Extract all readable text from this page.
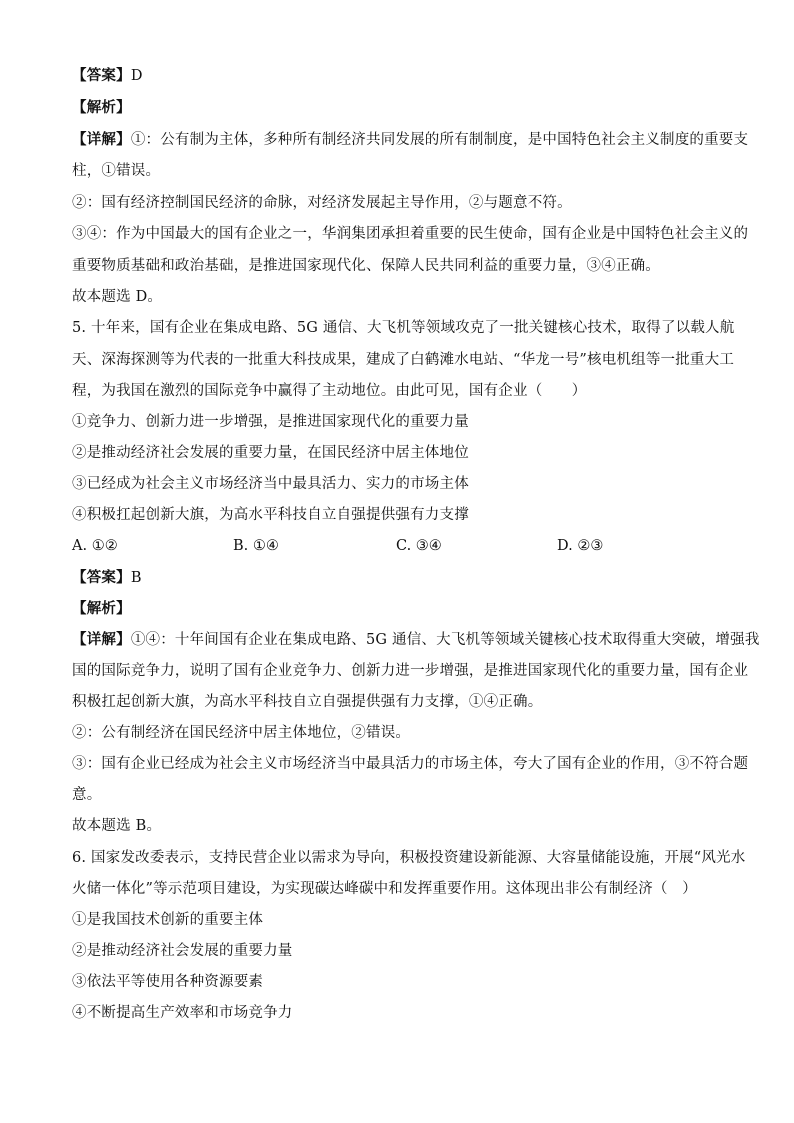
【答案】D
【解析】
【详解】①：公有制为主体，多种所有制经济共同发展的所有制制度，是中国特色社会主义制度的重要支
柱，①错误。
②：国有经济控制国民经济的命脉，对经济发展起主导作用，②与题意不符。
③④：作为中国最大的国有企业之一，华润集团承担着重要的民生使命，国有企业是中国特色社会主义的
重要物质基础和政治基础，是推进国家现代化、保障人民共同利益的重要力量，③④正确。
故本题选 D。
5. 十年来，国有企业在集成电路、5G 通信、大飞机等领域攻克了一批关键核心技术，取得了以载人航
天、深海探测等为代表的一批重大科技成果，建成了白鹤滩水电站、“华龙一号”核电机组等一批重大工
程，为我国在激烈的国际竞争中赢得了主动地位。由此可见，国有企业（　　）
①竞争力、创新力进一步增强，是推进国家现代化的重要力量
②是推动经济社会发展的重要力量，在国民经济中居主体地位
③已经成为社会主义市场经济当中最具活力、实力的市场主体
④积极扛起创新大旗，为高水平科技自立自强提供强有力支撑
A. ①②	B. ①④	C. ③④	D. ②③
【答案】B
【解析】
【详解】①④：十年间国有企业在集成电路、5G 通信、大飞机等领域关键核心技术取得重大突破，增强我
国的国际竞争力，说明了国有企业竞争力、创新力进一步增强，是推进国家现代化的重要力量，国有企业
积极扛起创新大旗，为高水平科技自立自强提供强有力支撑，①④正确。
②：公有制经济在国民经济中居主体地位，②错误。
③：国有企业已经成为社会主义市场经济当中最具活力的市场主体，夸大了国有企业的作用，③不符合题
意。
故本题选 B。
6. 国家发改委表示，支持民营企业以需求为导向，积极投资建设新能源、大容量储能设施，开展“风光水
火储一体化”等示范项目建设，为实现碳达峰碳中和发挥重要作用。这体现出非公有制经济（　）
①是我国技术创新的重要主体
②是推动经济社会发展的重要力量
③依法平等使用各种资源要素
④不断提高生产效率和市场竞争力
